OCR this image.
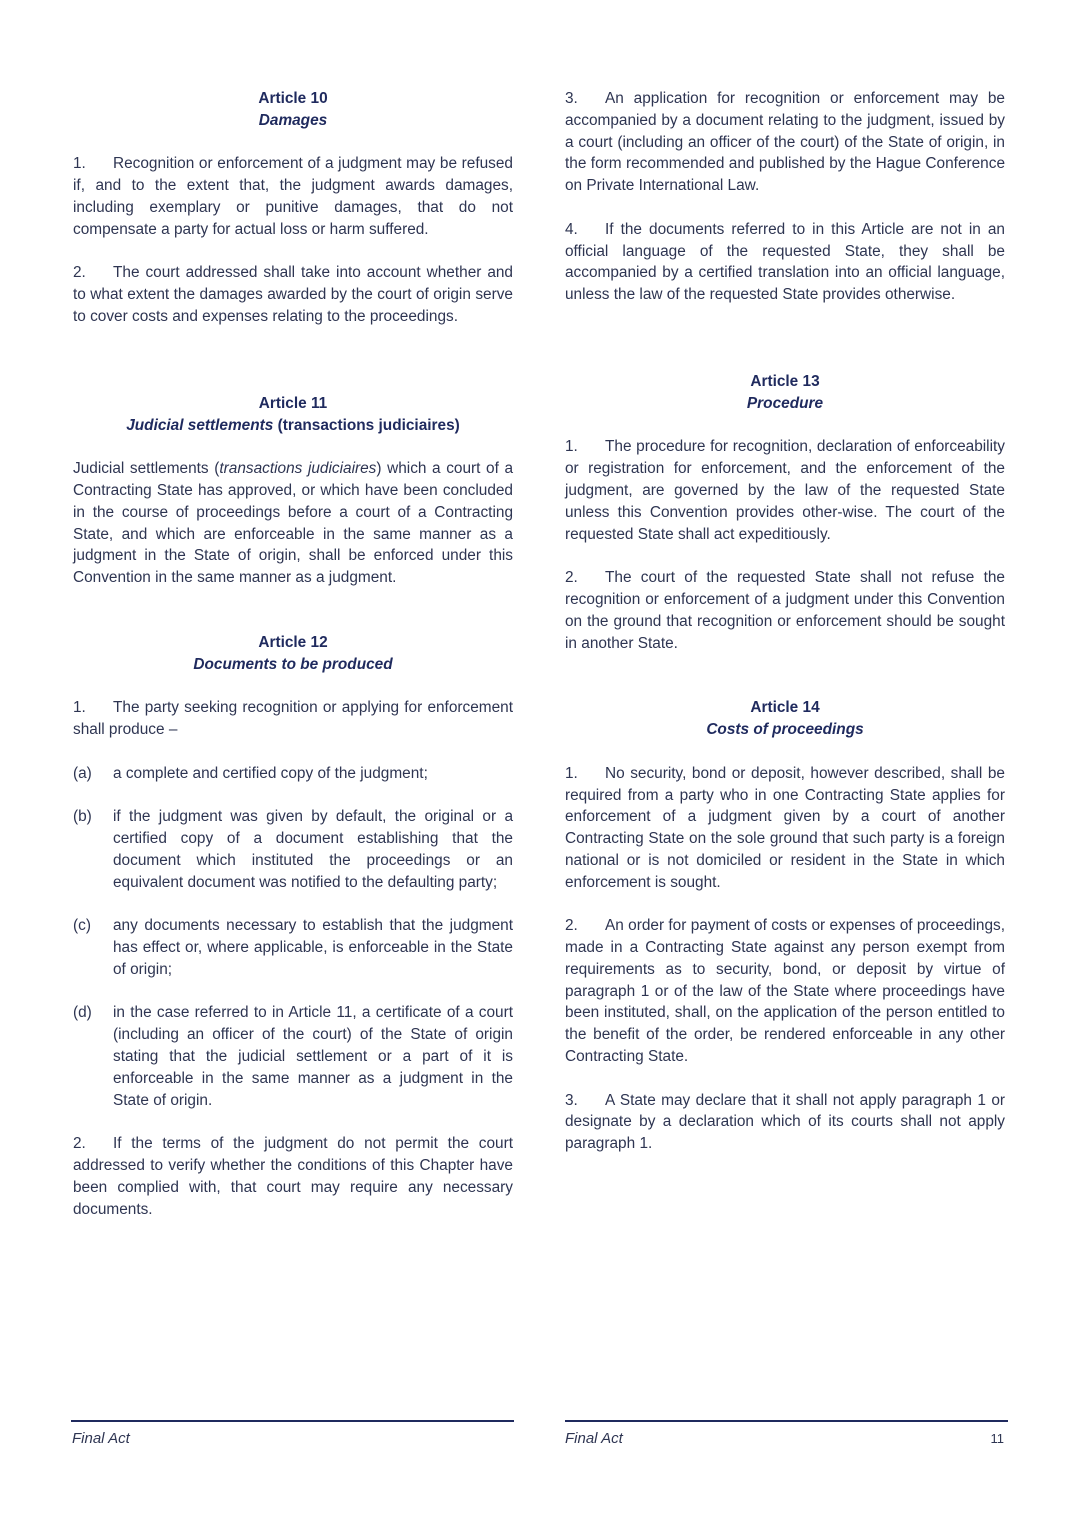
Article 10
Damages

1. Recognition or enforcement of a judgment may be refused if, and to the extent that, the judgment awards damages, including exemplary or punitive damages, that do not compensate a party for actual loss or harm suffered.

2. The court addressed shall take into account whether and to what extent the damages awarded by the court of origin serve to cover costs and expenses relating to the proceedings.

Article 11
Judicial settlements (transactions judiciaires)

Judicial settlements (transactions judiciaires) which a court of a Contracting State has approved, or which have been concluded in the course of proceedings before a court of a Contracting State, and which are enforceable in the same manner as a judgment in the State of origin, shall be enforced under this Convention in the same manner as a judgment.

Article 12
Documents to be produced

1. The party seeking recognition or applying for enforcement shall produce –

(a)	a complete and certified copy of the judgment;

(b)	if the judgment was given by default, the original or a certified copy of a document establishing that the document which instituted the proceedings or an equivalent document was notified to the defaulting party;

(c)	any documents necessary to establish that the judgment has effect or, where applicable, is enforceable in the State of origin;

(d)	in the case referred to in Article 11, a certificate of a court (including an officer of the court) of the State of origin stating that the judicial settlement or a part of it is enforceable in the same manner as a judgment in the State of origin.

2. If the terms of the judgment do not permit the court addressed to verify whether the conditions of this Chapter have been complied with, that court may require any necessary documents.

3. An application for recognition or enforcement may be accompanied by a document relating to the judgment, issued by a court (including an officer of the court) of the State of origin, in the form recommended and published by the Hague Conference on Private International Law.

4. If the documents referred to in this Article are not in an official language of the requested State, they shall be accompanied by a certified translation into an official language, unless the law of the requested State provides otherwise.

Article 13
Procedure

1. The procedure for recognition, declaration of enforceability or registration for enforcement, and the enforcement of the judgment, are governed by the law of the requested State unless this Convention provides other-wise. The court of the requested State shall act expeditiously.

2. The court of the requested State shall not refuse the recognition or enforcement of a judgment under this Convention on the ground that recognition or enforcement should be sought in another State.

Article 14
Costs of proceedings

1. No security, bond or deposit, however described, shall be required from a party who in one Contracting State applies for enforcement of a judgment given by a court of another Contracting State on the sole ground that such party is a foreign national or is not domiciled or resident in the State in which enforcement is sought.

2. An order for payment of costs or expenses of proceedings, made in a Contracting State against any person exempt from requirements as to security, bond, or deposit by virtue of paragraph 1 or of the law of the State where proceedings have been instituted, shall, on the application of the person entitled to the benefit of the order, be rendered enforceable in any other Contracting State.

3. A State may declare that it shall not apply paragraph 1 or designate by a declaration which of its courts shall not apply paragraph 1.

Final Act	Final Act	11
